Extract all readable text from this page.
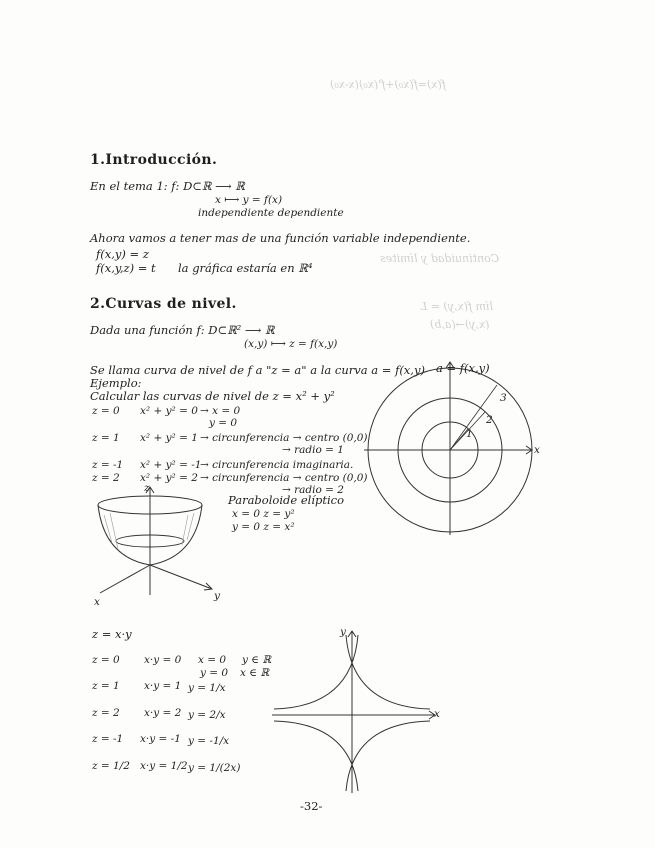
f(x)=f(x₀)+f'(x₀)(x-x₀)
lím f(x,y) = L
(x,y)→(a,b)
Continuidad y límites
1.Introducción.
En el tema 1: f: D⊂ℝ ⟶ ℝ
x ⟼ y = f(x)
independiente dependiente
Ahora vamos a tener mas de una función variable independiente.
f(x,y) = z
f(x,y,z) = t la gráfica estaría en ℝ⁴
2.Curvas de nivel.
Dada una función f: D⊂ℝ² ⟶ ℝ
(x,y) ⟼ z = f(x,y)
Se llama curva de nivel de f a "z = a" a la curva a = f(x,y)
Ejemplo:
Calcular las curvas de nivel de z = x² + y²
z = 0 x² + y² = 0 → x = 0
y = 0
z = 1 x² + y² = 1 → circunferencia → centro (0,0)
→ radio = 1
z = -1 x² + y² = -1
→ circunferencia imaginaria.
z = 2 x² + y² = 2 → circunferencia → centro (0,0)
→ radio = 2
Paraboloide elíptico
x = 0 z = y²
y = 0 z = x²
a = f(x,y)
x
1
2
3
z
x	y
z = x·y
z = 0 x·y = 0 x = 0
y = 0
y ∈ ℝ
x ∈ ℝ
z = 1 x·y = 1 y = 1/x
z = 2 x·y = 2 y = 2/x
z = -1 x·y = -1 y = -1/x
z = 1/2 x·y = 1/2 y = 1/(2x)
y
x
-32-
